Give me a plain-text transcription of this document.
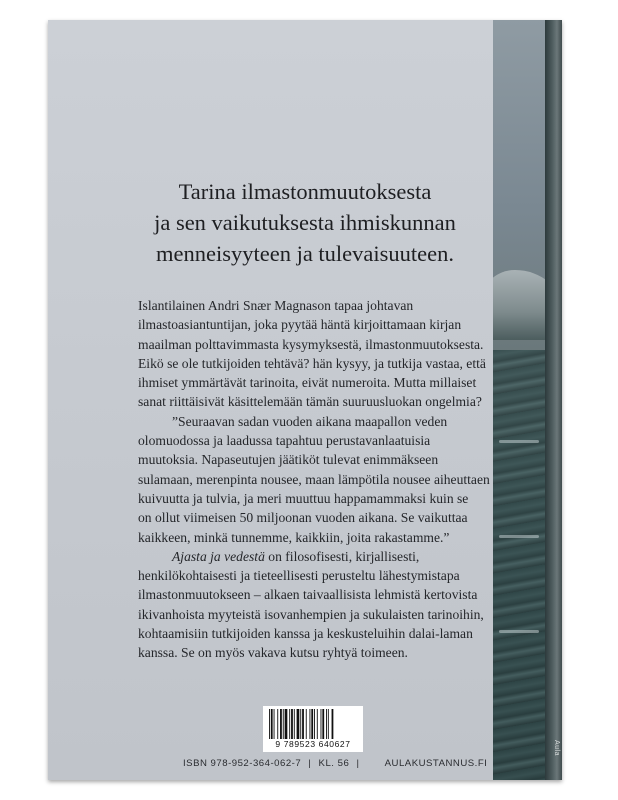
Tarina ilmastonmuutoksesta
ja sen vaikutuksesta ihmiskunnan
menneisyyteen ja tulevaisuuteen.

Islantilainen Andri Snær Magnason tapaa johtavan
ilmastoasiantuntijan, joka pyytää häntä kirjoittamaan kirjan
maailman polttavimmasta kysymyksestä, ilmastonmuutoksesta.
Eikö se ole tutkijoiden tehtävä? hän kysyy, ja tutkija vastaa, että
ihmiset ymmärtävät tarinoita, eivät numeroita. Mutta millaiset
sanat riittäisivät käsittelemään tämän suuruusluokan ongelmia?

”Seuraavan sadan vuoden aikana maapallon veden
olomuodossa ja laadussa tapahtuu perustavanlaatuisia
muutoksia. Napaseutujen jäätiköt tulevat enimmäkseen
sulamaan, merenpinta nousee, maan lämpötila nousee aiheuttaen
kuivuutta ja tulvia, ja meri muuttuu happamammaksi kuin se
on ollut viimeisen 50 miljoonan vuoden aikana. Se vaikuttaa
kaikkeen, minkä tunnemme, kaikkiin, joita rakastamme.”

Ajasta ja vedestä on filosofisesti, kirjallisesti,
henkilökohtaisesti ja tieteellisesti perusteltu lähestymistapa
ilmastonmuutokseen – alkaen taivaallisista lehmistä kertovista
ikivanhoista myyteistä isovanhempien ja sukulaisten tarinoihin,
kohtaamisiin tutkijoiden kanssa ja keskusteluihin dalai-laman
kanssa. Se on myös vakava kutsu ryhtyä toimeen.

9 789523 640627
ISBN 978-952-364-062-7 | KL. 56 |	AULAKUSTANNUS.FI
Aula
